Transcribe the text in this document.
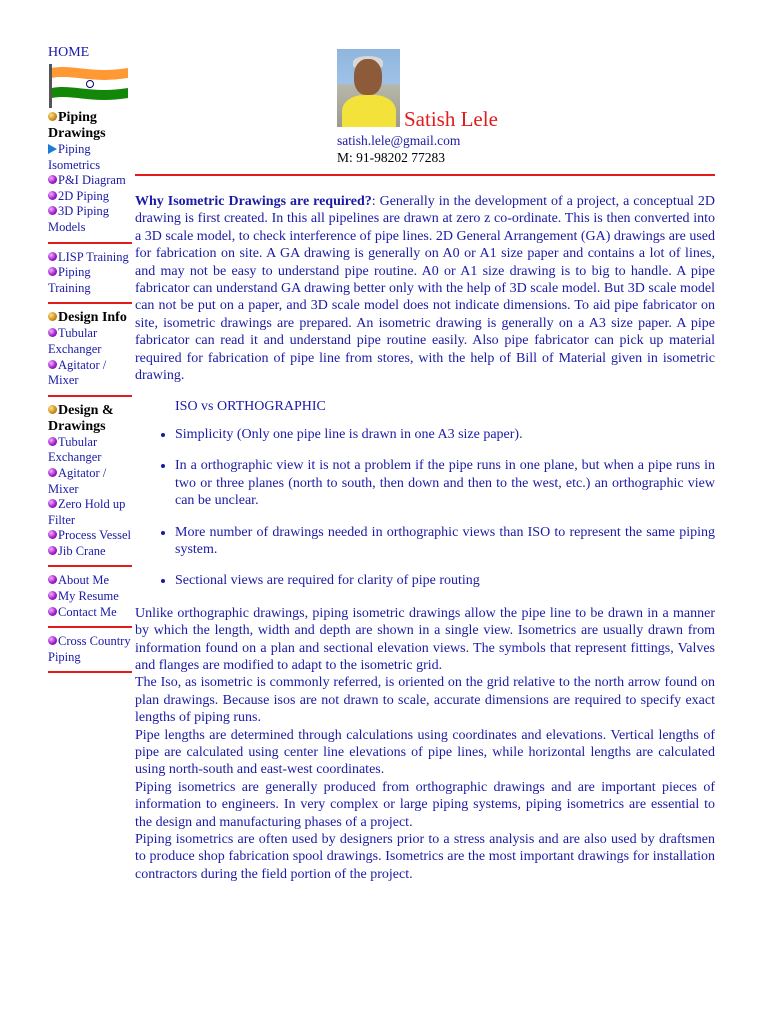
HOME
Piping Drawings
Piping Isometrics
P&I Diagram
2D Piping
3D Piping Models
LISP Training
Piping Training
Design Info
Tubular Exchanger
Agitator / Mixer
Design & Drawings
Tubular Exchanger
Agitator / Mixer
Zero Hold up Filter
Process Vessel
Jib Crane
About Me
My Resume
Contact Me
Cross Country Piping
Satish Lele
satish.lele@gmail.com
M: 91-98202 77283

Why Isometric Drawings are required?: Generally in the development of a project, a conceptual 2D drawing is first created. In this all pipelines are drawn at zero z co-ordinate. This is then converted into a 3D scale model, to check interference of pipe lines. 2D General Arrangement (GA) drawings are used for fabrication on site. A GA drawing is generally on A0 or A1 size paper and contains a lot of lines, and may not be easy to understand pipe routine. A0 or A1 size drawing is to big to handle. A pipe fabricator can understand GA drawing better only with the help of 3D scale model. But 3D scale model can not be put on a paper, and 3D scale model does not indicate dimensions. To aid pipe fabricator on site, isometric drawings are prepared. An isometric drawing is generally on a A3 size paper. A pipe fabricator can read it and understand pipe routine easily. Also pipe fabricator can pick up material required for fabrication of pipe line from stores, with the help of Bill of Material given in isometric drawing.

ISO vs ORTHOGRAPHIC
• Simplicity (Only one pipe line is drawn in one A3 size paper).
• In a orthographic view it is not a problem if the pipe runs in one plane, but when a pipe runs in two or three planes (north to south, then down and then to the west, etc.) an orthographic view can be unclear.
• More number of drawings needed in orthographic views than ISO to represent the same piping system.
• Sectional views are required for clarity of pipe routing

Unlike orthographic drawings, piping isometric drawings allow the pipe line to be drawn in a manner by which the length, width and depth are shown in a single view. Isometrics are usually drawn from information found on a plan and sectional elevation views. The symbols that represent fittings, Valves and flanges are modified to adapt to the isometric grid.

The Iso, as isometric is commonly referred, is oriented on the grid relative to the north arrow found on plan drawings. Because isos are not drawn to scale, accurate dimensions are required to specify exact lengths of piping runs.

Pipe lengths are determined through calculations using coordinates and elevations. Vertical lengths of pipe are calculated using center line elevations of pipe lines, while horizontal lengths are calculated using north-south and east-west coordinates.

Piping isometrics are generally produced from orthographic drawings and are important pieces of information to engineers. In very complex or large piping systems, piping isometrics are essential to the design and manufacturing phases of a project.

Piping isometrics are often used by designers prior to a stress analysis and are also used by draftsmen to produce shop fabrication spool drawings. Isometrics are the most important drawings for installation contractors during the field portion of the project.
